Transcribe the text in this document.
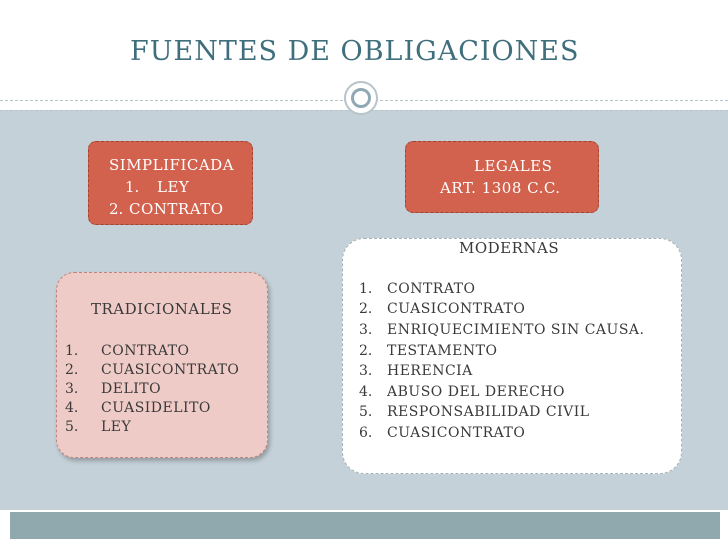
FUENTES DE OBLIGACIONES
SIMPLIFICADA
1. LEY
2. CONTRATO
LEGALES
ART. 1308 C.C.
TRADICIONALES
1. CONTRATO
2. CUASICONTRATO
3. DELITO
4. CUASIDELITO
5. LEY
MODERNAS
1. CONTRATO
2. CUASICONTRATO
3. ENRIQUECIMIENTO SIN CAUSA.
2. TESTAMENTO
3. HERENCIA
4. ABUSO DEL DERECHO
5. RESPONSABILIDAD CIVIL
6. CUASICONTRATO
